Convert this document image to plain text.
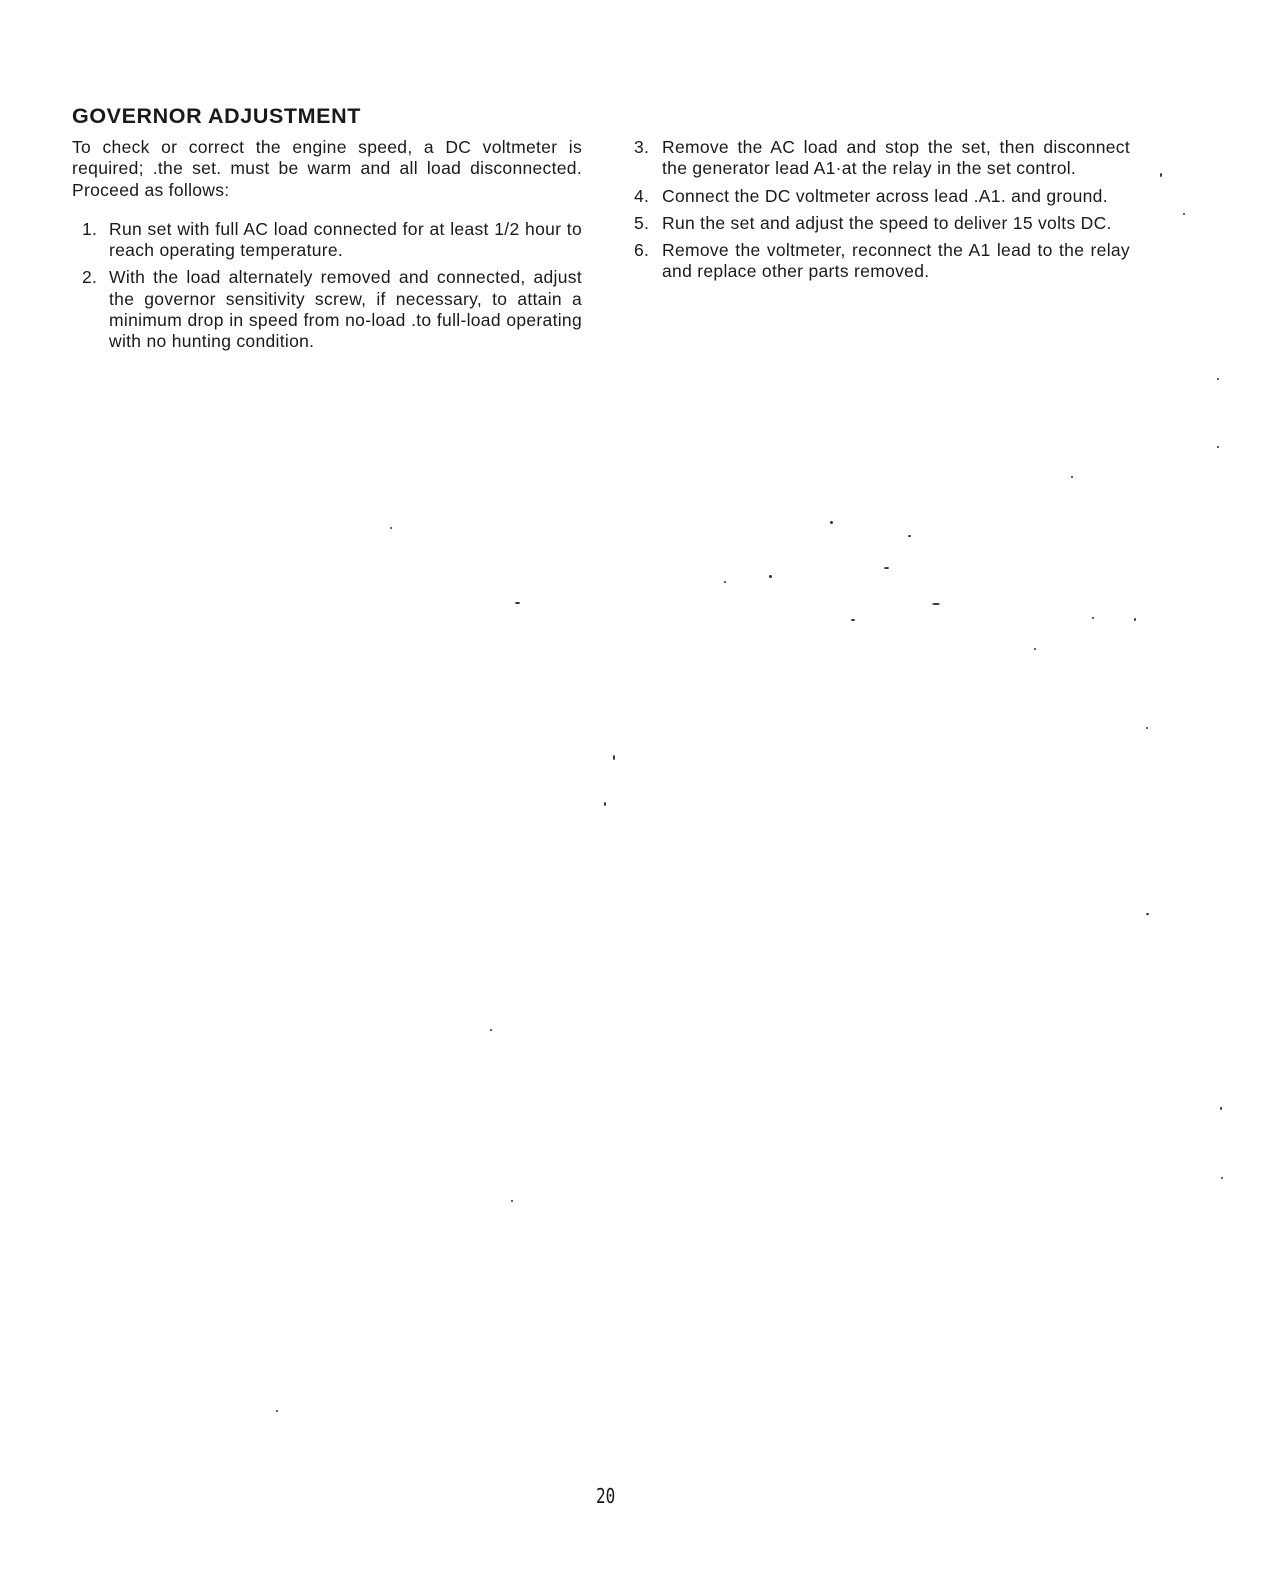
GOVERNOR ADJUSTMENT

To check or correct the engine speed, a DC voltmeter is required; .the set. must be warm and all load disconnected. Proceed as follows:

1. Run set with full AC load connected for at least 1/2 hour to reach operating temperature.
2. With the load alternately removed and connected, adjust the governor sensitivity screw, if necessary, to attain a minimum drop in speed from no-load .to full-load operating with no hunting condition.
3. Remove the AC load and stop the set, then disconnect the generator lead A1·at the relay in the set control.
4. Connect the DC voltmeter across lead .A1. and ground.
5. Run the set and adjust the speed to deliver 15 volts DC.
6. Remove the voltmeter, reconnect the A1 lead to the relay and replace other parts removed.
20
